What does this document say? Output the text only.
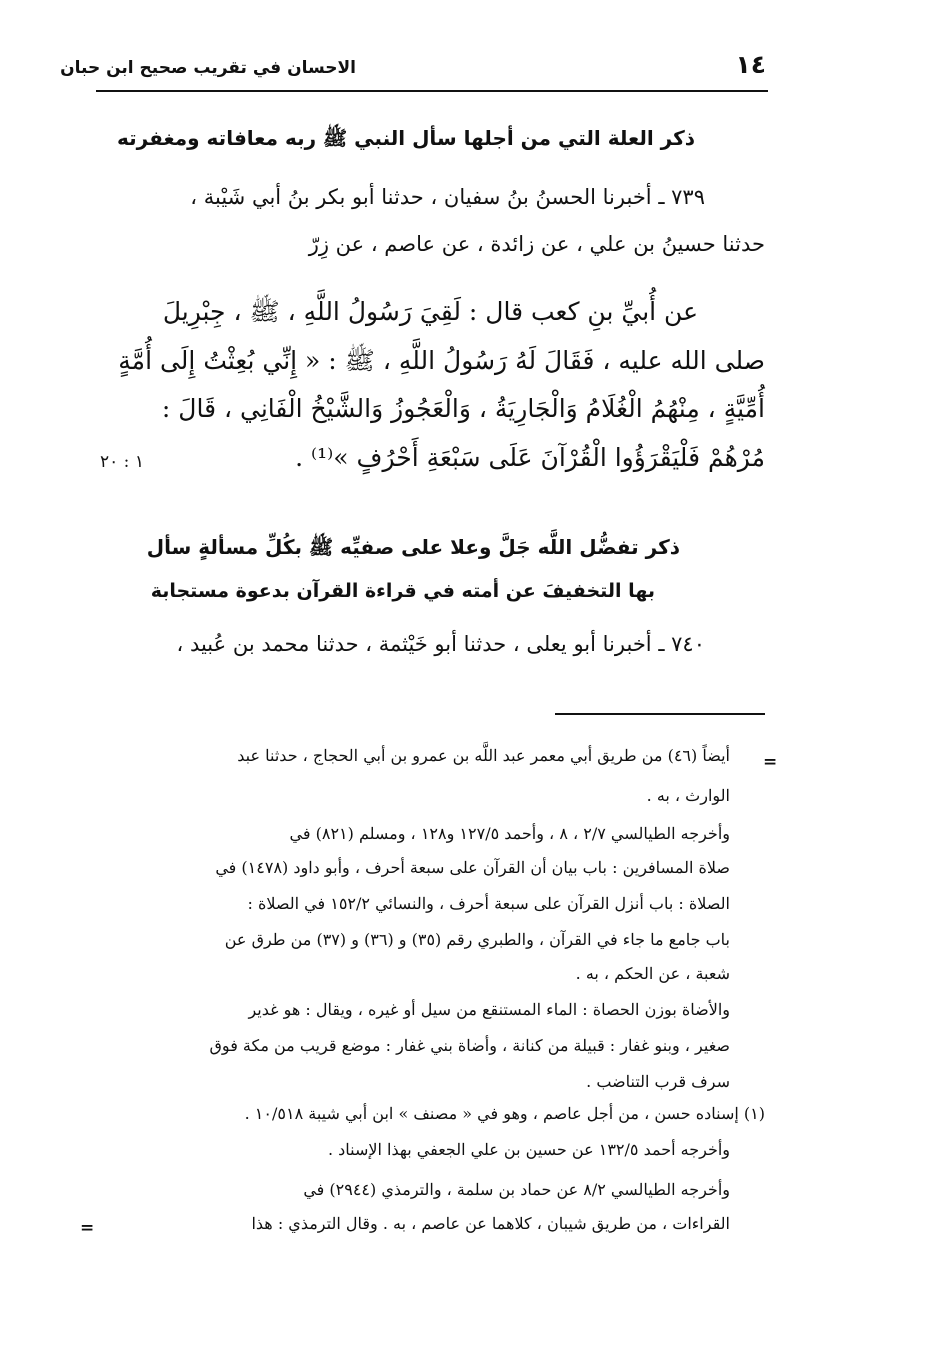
الاحسان في تقريب صحيح ابن حبان	١٤
ذكر العلة التي من أجلها سأل النبي ﷺ ربه معافاته ومغفرته
٧٣٩ ـ أخبرنا الحسنُ بنُ سفيان ، حدثنا أبو بكر بنُ أبي شَيْبة ،
حدثنا حسينُ بن علي ، عن زائدة ، عن عاصم ، عن زِرّ
عن أُبيِّ بنِ كعب قال : لَقِيَ رَسُولُ اللَّهِ ، ﷺ ، جِبْرِيلَ
صلى الله عليه ، فَقَالَ لَهُ رَسُولُ اللَّهِ ، ﷺ : « إِنِّي بُعِثْتُ إِلَى أُمَّةٍ
أُمِّيَّةٍ ، مِنْهُمُ الْغُلَامُ وَالْجَارِيَةُ ، وَالْعَجُوزُ وَالشَّيْخُ الْفَانِي ، قَالَ :
مُرْهُمْ فَلْيَقْرَؤُوا الْقُرْآنَ عَلَى سَبْعَةِ أَحْرُفٍ »⁽¹⁾ .
١ : ٢٠
ذكر تفضُّل اللَّه جَلَّ وعلا على صفيِّه ﷺ بكُلِّ مسألةٍ سأل
بها التخفيفَ عن أمته في قراءة القرآن بدعوة مستجابة
٧٤٠ ـ أخبرنا أبو يعلى ، حدثنا أبو خَيْثمة ، حدثنا محمد بن عُبيد ،
=
أيضاً (٤٦) من طريق أبي معمر عبد اللَّه بن عمرو بن أبي الحجاج ، حدثنا عبد
الوارث ، به .
وأخرجه الطيالسي ٢/٧ ، ٨ ، وأحمد ١٢٧/٥ و١٢٨ ، ومسلم (٨٢١) في
صلاة المسافرين : باب بيان أن القرآن على سبعة أحرف ، وأبو داود (١٤٧٨) في
الصلاة : باب أنزل القرآن على سبعة أحرف ، والنسائي ١٥٢/٢ في الصلاة :
باب جامع ما جاء في القرآن ، والطبري رقم (٣٥) و (٣٦) و (٣٧) من طرق عن
شعبة ، عن الحكم ، به .
والأضاة بوزن الحصاة : الماء المستنقع من سيل أو غيره ، ويقال : هو غدير
صغير ، وبنو غفار : قبيلة من كنانة ، وأضاة بني غفار : موضع قريب من مكة فوق
سرف قرب التناضب .
(١) إسناده حسن ، من أجل عاصم ، وهو في « مصنف » ابن أبي شيبة ١٠/٥١٨ .
وأخرجه أحمد ١٣٢/٥ عن حسين بن علي الجعفي بهذا الإسناد .
وأخرجه الطيالسي ٨/٢ عن حماد بن سلمة ، والترمذي (٢٩٤٤) في
القراءات ، من طريق شيبان ، كلاهما عن عاصم ، به . وقال الترمذي : هذا
=
